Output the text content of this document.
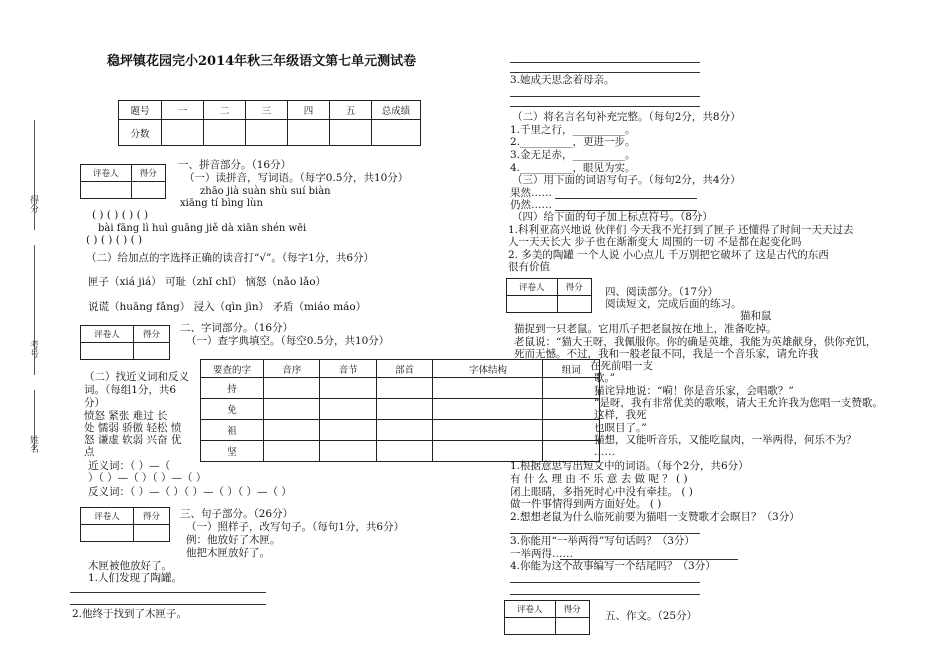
稳坪镇花园完小2014年秋三年级语文第七单元测试卷
得分
考号
姓名
题号	一	二	三	四	五	总成绩
分数						
评卷人	得分

一、拼音部分。（16分）
（一）读拼音，写词语。（每字0.5分，共10分）
zhāo jià suàn shù suí biàn
xiāng tí bìng lùn
( ) ( ) ( ) ( )
bài fāng lì huì guāng jiě dà xiān shén wēi
( ) ( ) ( ) ( )
（二）给加点的字选择正确的读音打“√”。（每字1分，共6分）
匣子（xiá jiá） 可耻（zhǐ chǐ） 恼怒（nǎo lǎo）
说谎（huāng fǎng） 浸入（qìn jìn） 矛盾（miáo máo）
评卷人	得分

二、字词部分。（16分）
（一）查字典填空。（每空0.5分，共10分）
要查的字	音序	音节	部首	字体结构	组词
持					
免					
祖					
坚					
（二）找近义词和反义
词。（每组1分，共6
分）
愤怒 紧张 难过 长
处 懦弱 骄傲 轻松 愤
怒 谦虚 软弱 兴奋 优
点
近义词：（ ）—（
）（ ）—（ ）（ ）—（ ）
反义词：（ ）—（ ）（ ）—（ ）（ ）—（ ）
评卷人	得分
	三、句子部分。（26分）
（一）照样子，改写句子。（每句1分，共6分）
例：他放好了木匣。
他把木匣放好了。
木匣被他放好了。
1.人们发现了陶罐。
2.他终于找到了木匣子。
3.她成天思念着母亲。
（二）将名言名句补充完整。（每句2分，共8分）
1.千里之行，__________。
2.__________，更进一步。
3.金无足赤，__________。
4.__________，眼见为实。
（三）用下面的词语写句子。（每句2分，共4分）
果然……
仍然……
（四）给下面的句子加上标点符号。（8分）
1.科利亚高兴地说 伙伴们 今天我不光打到了匣子 还懂得了时间一天天过去
人一天天长大 步子也在渐渐变大 周围的一切 不是都在起变化吗
2. 多美的陶罐 一个人说 小心点儿 千万别把它破坏了 这是古代的东西
很有价值
评卷人	得分
	四、阅读部分。（17分）
阅读短文，完成后面的练习。
猫和鼠
猫捉到一只老鼠。它用爪子把老鼠按在地上，准备吃掉。
老鼠说：“猫大王呀，我佩服你。你的确是英雄，我能为英雄献身，供你充饥，
死而无憾。不过，我和一般老鼠不同，我是一个音乐家，请允许我
在死前唱一支
歌。”
猫诧异地说：“嗬！你是音乐家，会唱歌？”
“是呀，我有非常优美的歌喉，请大王允许我为您唱一支赞歌。
这样，我死
也瞑目了。”
猫想，又能听音乐，又能吃鼠肉，一举两得，何乐不为？
……
1.根据意思写出短文中的词语。（每个2分，共6分）
有 什 么 理 由 不 乐 意 去 做 呢 ？ ( )
闭上眼睛，多指死时心中没有牵挂。 ( )
做一件事情得到两方面好处。 ( )
2.想想老鼠为什么临死前要为猫唱一支赞歌才会瞑目？（3分）
3.你能用“一举两得”写句话吗？（3分）
一举两得……
4.你能为这个故事编写一个结尾吗？（3分）
评卷人	得分
	五、作文。（25分）
